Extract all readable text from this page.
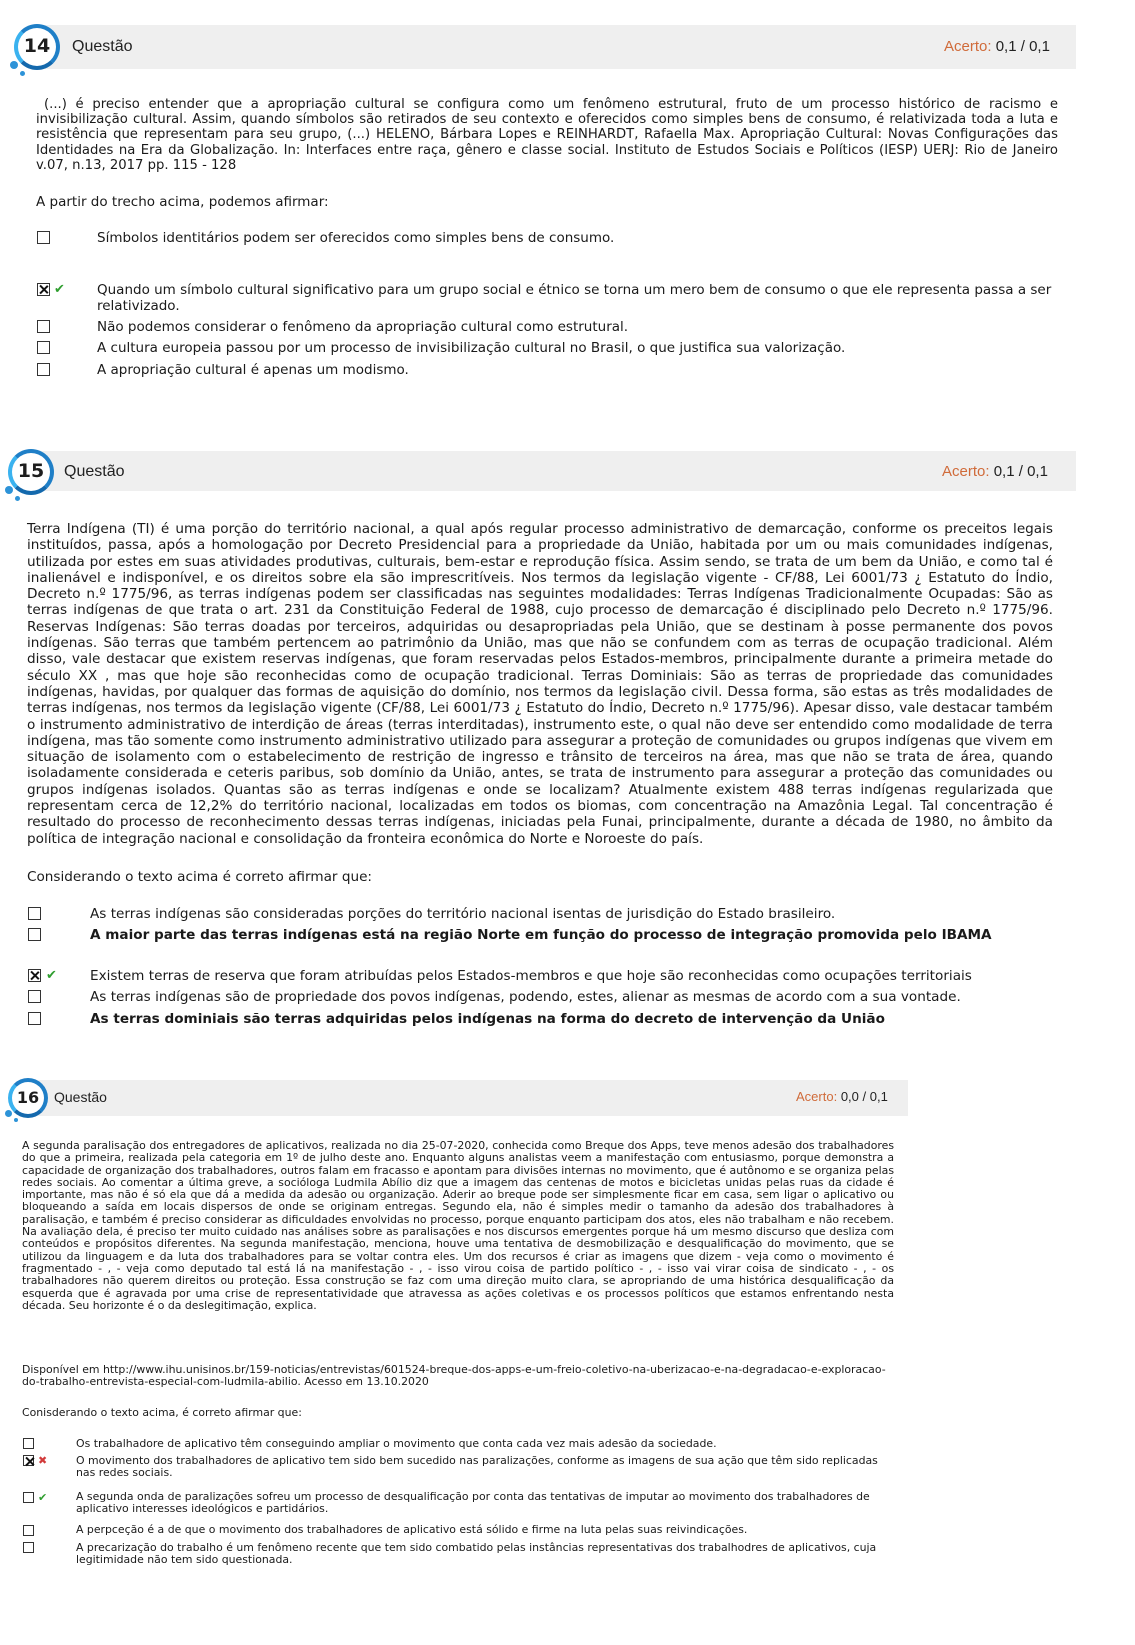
14	Questão	Acerto: 0,1 / 0,1
(...) é preciso entender que a apropriação cultural se configura como um fenômeno estrutural, fruto de um processo histórico de racismo e invisibilização cultural. Assim, quando símbolos são retirados de seu contexto e oferecidos como simples bens de consumo, é relativizada toda a luta e resistência que representam para seu grupo, (...) HELENO, Bárbara Lopes e REINHARDT, Rafaella Max. Apropriação Cultural: Novas Configurações das Identidades na Era da Globalização. In: Interfaces entre raça, gênero e classe social. Instituto de Estudos Sociais e Políticos (IESP) UERJ: Rio de Janeiro v.07, n.13, 2017 pp. 115 - 128
A partir do trecho acima, podemos afirmar:
Símbolos identitários podem ser oferecidos como simples bens de consumo.
✔ Quando um símbolo cultural significativo para um grupo social e étnico se torna um mero bem de consumo o que ele representa passa a ser relativizado.
Não podemos considerar o fenômeno da apropriação cultural como estrutural.
A cultura europeia passou por um processo de invisibilização cultural no Brasil, o que justifica sua valorização.
A apropriação cultural é apenas um modismo.
15	Questão	Acerto: 0,1 / 0,1
Terra Indígena (TI) é uma porção do território nacional, a qual após regular processo administrativo de demarcação, conforme os preceitos legais instituídos, passa, após a homologação por Decreto Presidencial para a propriedade da União, habitada por um ou mais comunidades indígenas, utilizada por estes em suas atividades produtivas, culturais, bem-estar e reprodução física. Assim sendo, se trata de um bem da União, e como tal é inalienável e indisponível, e os direitos sobre ela são imprescritíveis. Nos termos da legislação vigente - CF/88, Lei 6001/73 ¿ Estatuto do Índio, Decreto n.º 1775/96, as terras indígenas podem ser classificadas nas seguintes modalidades: Terras Indígenas Tradicionalmente Ocupadas: São as terras indígenas de que trata o art. 231 da Constituição Federal de 1988, cujo processo de demarcação é disciplinado pelo Decreto n.º 1775/96. Reservas Indígenas: São terras doadas por terceiros, adquiridas ou desapropriadas pela União, que se destinam à posse permanente dos povos indígenas. São terras que também pertencem ao patrimônio da União, mas que não se confundem com as terras de ocupação tradicional. Além disso, vale destacar que existem reservas indígenas, que foram reservadas pelos Estados-membros, principalmente durante a primeira metade do século XX , mas que hoje são reconhecidas como de ocupação tradicional. Terras Dominiais: São as terras de propriedade das comunidades indígenas, havidas, por qualquer das formas de aquisição do domínio, nos termos da legislação civil. Dessa forma, são estas as três modalidades de terras indígenas, nos termos da legislação vigente (CF/88, Lei 6001/73 ¿ Estatuto do Índio, Decreto n.º 1775/96). Apesar disso, vale destacar também o instrumento administrativo de interdição de áreas (terras interditadas), instrumento este, o qual não deve ser entendido como modalidade de terra indígena, mas tão somente como instrumento administrativo utilizado para assegurar a proteção de comunidades ou grupos indígenas que vivem em situação de isolamento com o estabelecimento de restrição de ingresso e trânsito de terceiros na área, mas que não se trata de área, quando isoladamente considerada e ceteris paribus, sob domínio da União, antes, se trata de instrumento para assegurar a proteção das comunidades ou grupos indígenas isolados. Quantas são as terras indígenas e onde se localizam? Atualmente existem 488 terras indígenas regularizada que representam cerca de 12,2% do território nacional, localizadas em todos os biomas, com concentração na Amazônia Legal. Tal concentração é resultado do processo de reconhecimento dessas terras indígenas, iniciadas pela Funai, principalmente, durante a década de 1980, no âmbito da política de integração nacional e consolidação da fronteira econômica do Norte e Noroeste do país.
Considerando o texto acima é correto afirmar que:
As terras indígenas são consideradas porções do território nacional isentas de jurisdição do Estado brasileiro.
A maior parte das terras indígenas está na região Norte em função do processo de integração promovida pelo IBAMA
✔ Existem terras de reserva que foram atribuídas pelos Estados-membros e que hoje são reconhecidas como ocupações territoriais
As terras indígenas são de propriedade dos povos indígenas, podendo, estes, alienar as mesmas de acordo com a sua vontade.
As terras dominiais são terras adquiridas pelos indígenas na forma do decreto de intervenção da União
16	Questão	Acerto: 0,0 / 0,1
A segunda paralisação dos entregadores de aplicativos, realizada no dia 25-07-2020, conhecida como Breque dos Apps, teve menos adesão dos trabalhadores do que a primeira, realizada pela categoria em 1º de julho deste ano. Enquanto alguns analistas veem a manifestação com entusiasmo, porque demonstra a capacidade de organização dos trabalhadores, outros falam em fracasso e apontam para divisões internas no movimento, que é autônomo e se organiza pelas redes sociais. Ao comentar a última greve, a socióloga Ludmila Abílio diz que a imagem das centenas de motos e bicicletas unidas pelas ruas da cidade é importante, mas não é só ela que dá a medida da adesão ou organização. Aderir ao breque pode ser simplesmente ficar em casa, sem ligar o aplicativo ou bloqueando a saída em locais dispersos de onde se originam entregas. Segundo ela, não é simples medir o tamanho da adesão dos trabalhadores à paralisação, e também é preciso considerar as dificuldades envolvidas no processo, porque enquanto participam dos atos, eles não trabalham e não recebem. Na avaliação dela, é preciso ter muito cuidado nas análises sobre as paralisações e nos discursos emergentes porque há um mesmo discurso que desliza com conteúdos e propósitos diferentes. Na segunda manifestação, menciona, houve uma tentativa de desmobilização e desqualificação do movimento, que se utilizou da linguagem e da luta dos trabalhadores para se voltar contra eles. Um dos recursos é criar as imagens que dizem - veja como o movimento é fragmentado - , - veja como deputado tal está lá na manifestação - , - isso virou coisa de partido político - , - isso vai virar coisa de sindicato - , - os trabalhadores não querem direitos ou proteção. Essa construção se faz com uma direção muito clara, se apropriando de uma histórica desqualificação da esquerda que é agravada por uma crise de representatividade que atravessa as ações coletivas e os processos políticos que estamos enfrentando nesta década. Seu horizonte é o da deslegitimação, explica.
Disponível em http://www.ihu.unisinos.br/159-noticias/entrevistas/601524-breque-dos-apps-e-um-freio-coletivo-na-uberizacao-e-na-degradacao-e-exploracao-do-trabalho-entrevista-especial-com-ludmila-abilio. Acesso em 13.10.2020
Conisderando o texto acima, é correto afirmar que:
Os trabalhadore de aplicativo têm conseguindo ampliar o movimento que conta cada vez mais adesão da sociedade.
✖	O movimento dos trabalhadores de aplicativo tem sido bem sucedido nas paralizações, conforme as imagens de sua ação que têm sido replicadas nas redes sociais.
✔	A segunda onda de paralizações sofreu um processo de desqualificação por conta das tentativas de imputar ao movimento dos trabalhadores de aplicativo interesses ideológicos e partidários.
A perpceção é a de que o movimento dos trabalhadores de aplicativo está sólido e firme na luta pelas suas reivindicações.
A precarização do trabalho é um fenômeno recente que tem sido combatido pelas instâncias representativas dos trabalhodres de aplicativos, cuja legitimidade não tem sido questionada.
